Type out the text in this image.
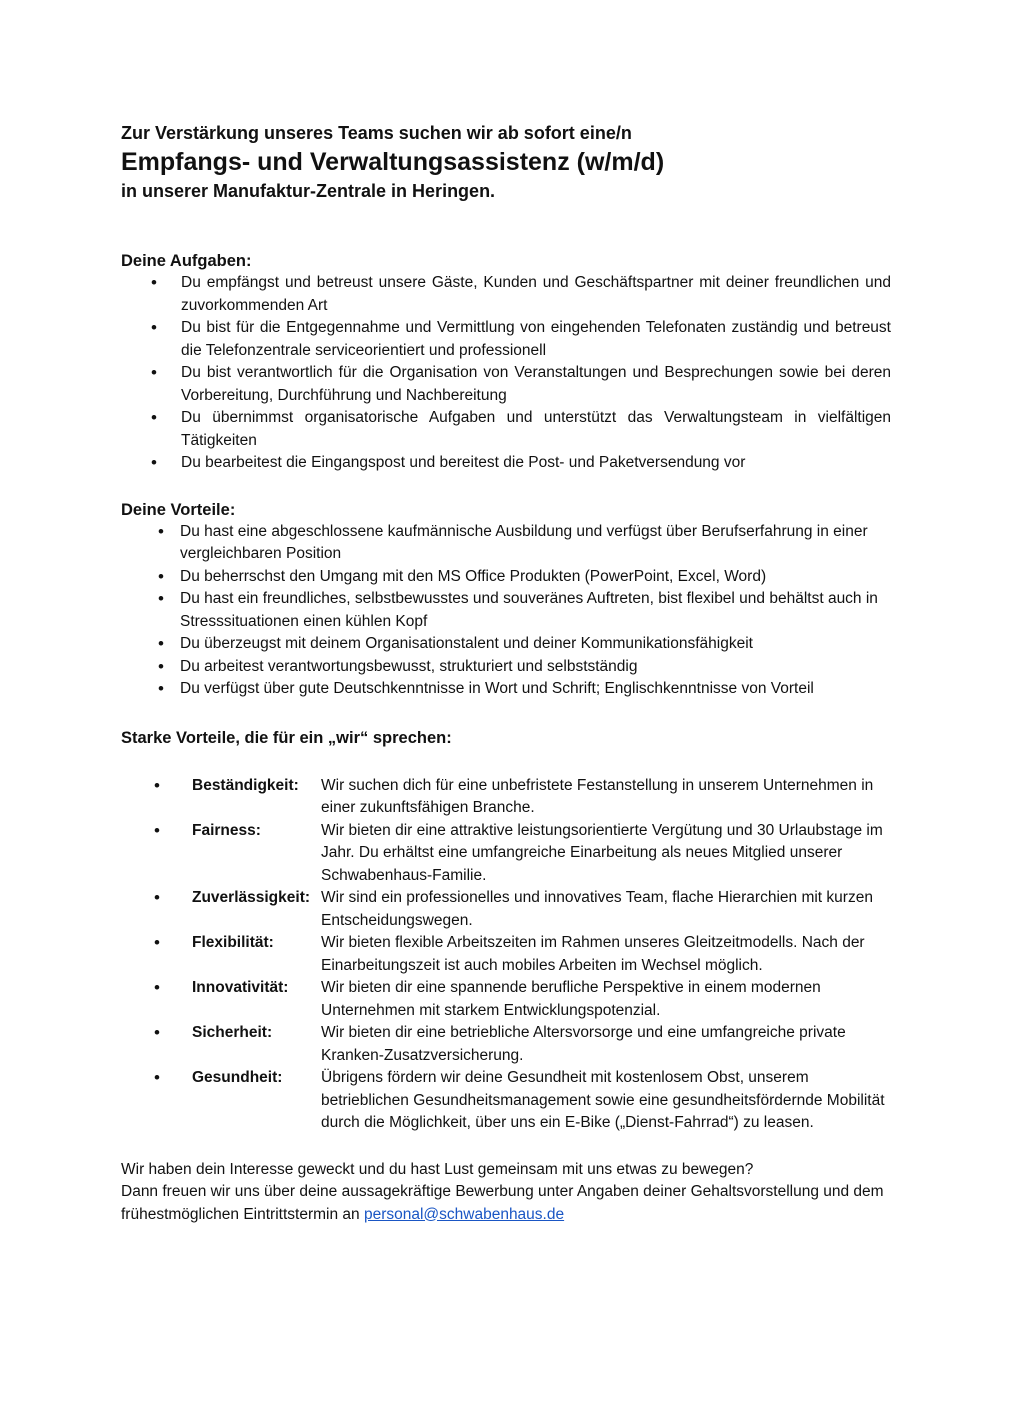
Zur Verstärkung unseres Teams suchen wir ab sofort eine/n

Empfangs- und Verwaltungsassistenz (w/m/d)

in unserer Manufaktur-Zentrale in Heringen.

Deine Aufgaben:
• Du empfängst und betreust unsere Gäste, Kunden und Geschäftspartner mit deiner freundlichen und zuvorkommenden Art
• Du bist für die Entgegennahme und Vermittlung von eingehenden Telefonaten zuständig und betreust die Telefonzentrale serviceorientiert und professionell
• Du bist verantwortlich für die Organisation von Veranstaltungen und Besprechungen sowie bei deren Vorbereitung, Durchführung und Nachbereitung
• Du übernimmst organisatorische Aufgaben und unterstützt das Verwaltungsteam in vielfältigen Tätigkeiten
• Du bearbeitest die Eingangspost und bereitest die Post- und Paketversendung vor
Deine Vorteile:
• Du hast eine abgeschlossene kaufmännische Ausbildung und verfügst über Berufserfahrung in einer vergleichbaren Position
• Du beherrschst den Umgang mit den MS Office Produkten (PowerPoint, Excel, Word)
• Du hast ein freundliches, selbstbewusstes und souveränes Auftreten, bist flexibel und behältst auch in Stresssituationen einen kühlen Kopf
• Du überzeugst mit deinem Organisationstalent und deiner Kommunikationsfähigkeit
• Du arbeitest verantwortungsbewusst, strukturiert und selbstständig
• Du verfügst über gute Deutschkenntnisse in Wort und Schrift; Englischkenntnisse von Vorteil
Starke Vorteile, die für ein „wir“ sprechen:
• Beständigkeit: Wir suchen dich für eine unbefristete Festanstellung in unserem Unternehmen in einer zukunftsfähigen Branche.
• Fairness:	Wir bieten dir eine attraktive leistungsorientierte Vergütung und 30 Urlaubstage im Jahr. Du erhältst eine umfangreiche Einarbeitung als neues Mitglied unserer Schwabenhaus-Familie.
• Zuverlässigkeit: Wir sind ein professionelles und innovatives Team, flache Hierarchien mit kurzen Entscheidungswegen.
• Flexibilität:	Wir bieten flexible Arbeitszeiten im Rahmen unseres Gleitzeitmodells. Nach der Einarbeitungszeit ist auch mobiles Arbeiten im Wechsel möglich.
• Innovativität: Wir bieten dir eine spannende berufliche Perspektive in einem modernen Unternehmen mit starkem Entwicklungspotenzial.
• Sicherheit:	Wir bieten dir eine betriebliche Altersvorsorge und eine umfangreiche private Kranken-Zusatzversicherung.
• Gesundheit: Übrigens fördern wir deine Gesundheit mit kostenlosem Obst, unserem betrieblichen Gesundheitsmanagement sowie eine gesundheitsfördernde Mobilität durch die Möglichkeit, über uns ein E-Bike („Dienst-Fahrrad“) zu leasen.

Wir haben dein Interesse geweckt und du hast Lust gemeinsam mit uns etwas zu bewegen?

Dann freuen wir uns über deine aussagekräftige Bewerbung unter Angaben deiner Gehaltsvorstellung und dem frühestmöglichen Eintrittstermin an personal@schwabenhaus.de
